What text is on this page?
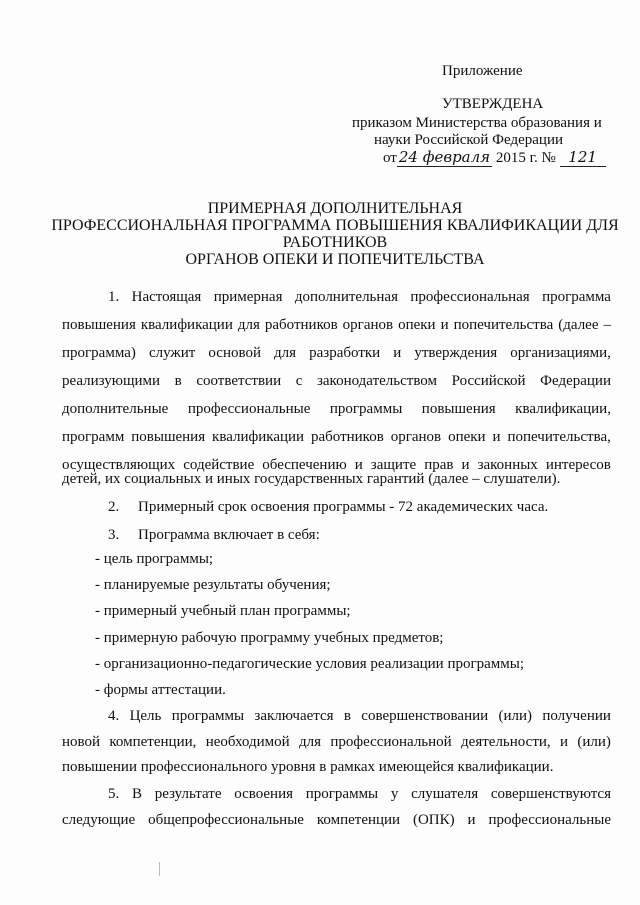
Приложение
УТВЕРЖДЕНА
приказом Министерства образования и
науки Российской Федерации
от 24 февраля 2015 г. № 121
ПРИМЕРНАЯ ДОПОЛНИТЕЛЬНАЯ
ПРОФЕССИОНАЛЬНАЯ ПРОГРАММА ПОВЫШЕНИЯ КВАЛИФИКАЦИИ ДЛЯ
РАБОТНИКОВ
ОРГАНОВ ОПЕКИ И ПОПЕЧИТЕЛЬСТВА
1. Настоящая примерная дополнительная профессиональная программа
повышения квалификации для работников органов опеки и попечительства (далее –
программа) служит основой для разработки и утверждения организациями,
реализующими в соответствии с законодательством Российской Федерации
дополнительные профессиональные программы повышения квалификации,
программ повышения квалификации работников органов опеки и попечительства,
осуществляющих содействие обеспечению и защите прав и законных интересов
детей, их социальных и иных государственных гарантий (далее – слушатели).
2.     Примерный срок освоения программы - 72 академических часа.
3.     Программа включает в себя:
- цель программы;
- планируемые результаты обучения;
- примерный учебный план программы;
- примерную рабочую программу учебных предметов;
- организационно-педагогические условия реализации программы;
- формы аттестации.
4. Цель программы заключается в совершенствовании (или) получении
новой компетенции, необходимой для профессиональной деятельности, и (или)
повышении профессионального уровня в рамках имеющейся квалификации.
5. В результате освоения программы у слушателя совершенствуются
следующие общепрофессиональные компетенции (ОПК) и профессиональные
